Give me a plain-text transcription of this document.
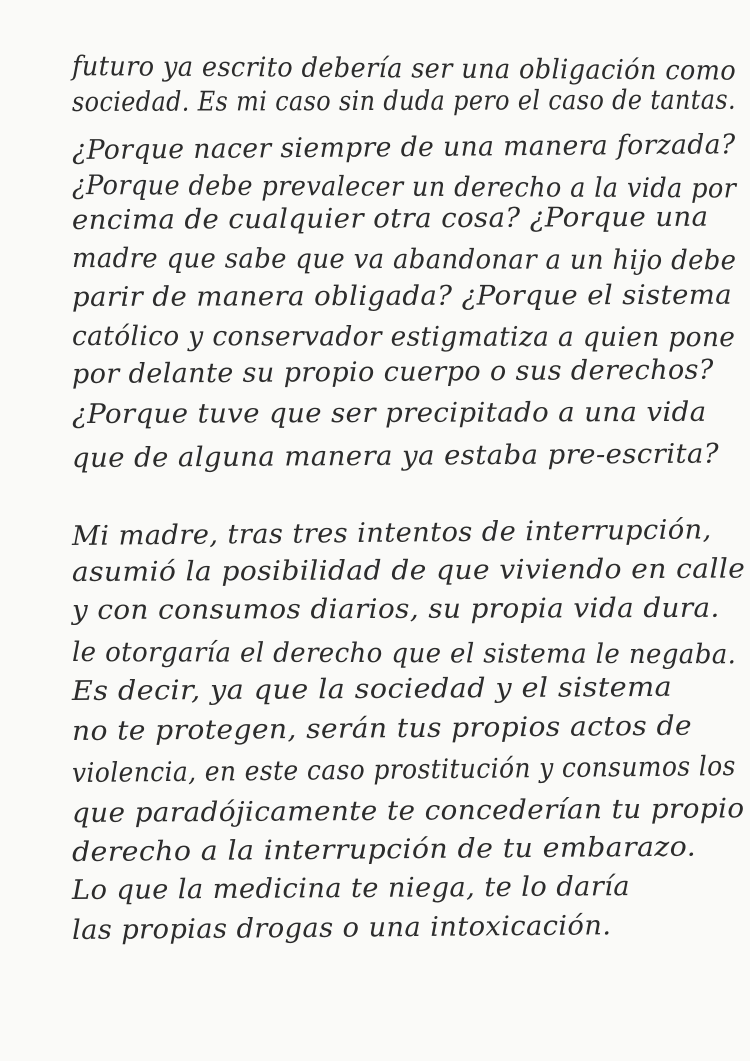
futuro ya escrito debería ser una obligación como
sociedad. Es mi caso sin duda pero el caso de tantas.
¿Porque nacer siempre de una manera forzada?
¿Porque debe prevalecer un derecho a la vida por
encima de cualquier otra cosa? ¿Porque una
madre que sabe que va abandonar a un hijo debe
parir de manera obligada? ¿Porque el sistema
católico y conservador estigmatiza a quien pone
por delante su propio cuerpo o sus derechos?
¿Porque tuve que ser precipitado a una vida
que de alguna manera ya estaba pre-escrita?
Mi madre, tras tres intentos de interrupción,
asumió la posibilidad de que viviendo en calle
y con consumos diarios, su propia vida dura.
le otorgaría el derecho que el sistema le negaba.
Es decir, ya que la sociedad y el sistema
no te protegen, serán tus propios actos de
violencia, en este caso prostitución y consumos los
que paradójicamente te concederían tu propio
derecho a la interrupción de tu embarazo.
Lo que la medicina te niega, te lo daría
las propias drogas o una intoxicación.
